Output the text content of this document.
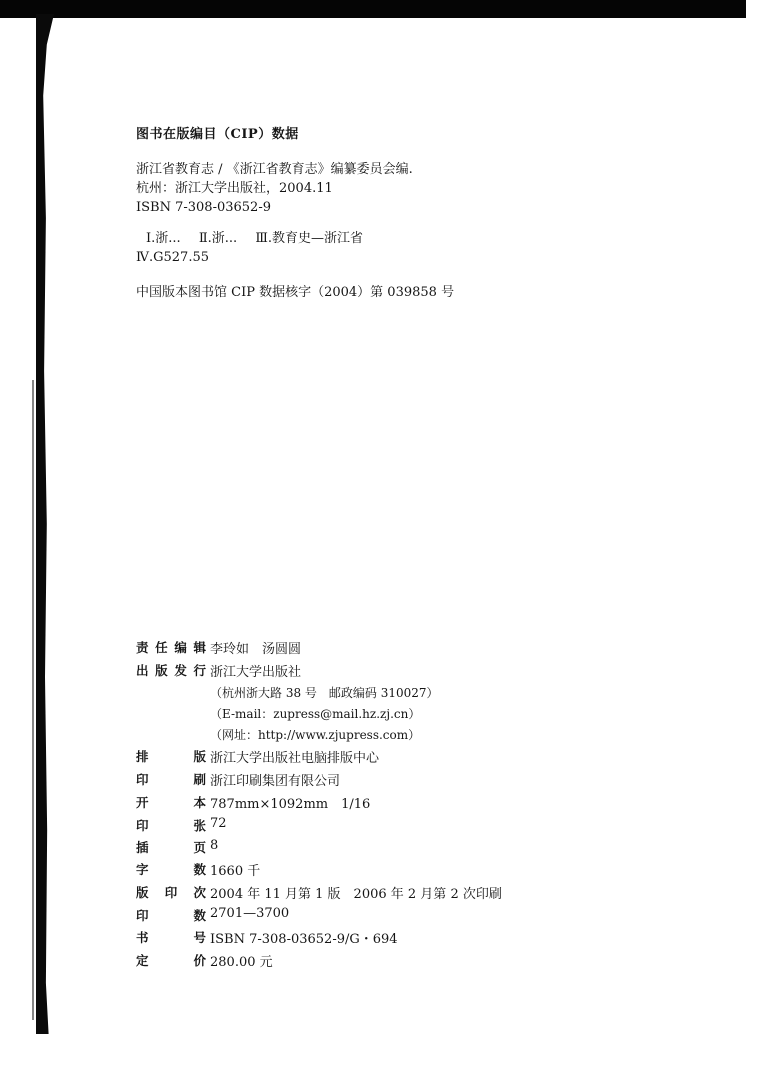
图书在版编目（CIP）数据
浙江省教育志 / 《浙江省教育志》编纂委员会编.
杭州：浙江大学出版社，2004.11
ISBN 7-308-03652-9
Ⅰ.浙... Ⅱ.浙... Ⅲ.教育史—浙江省
Ⅳ.G527.55
中国版本图书馆 CIP 数据核字（2004）第 039858 号
责 任 编 辑 李玲如　汤圆圆
出 版 发 行 浙江大学出版社
（杭州浙大路 38 号　邮政编码 310027）
（E-mail：zupress@mail.hz.zj.cn）
（网址：http://www.zjupress.com）
排	版 浙江大学出版社电脑排版中心
印	刷 浙江印刷集团有限公司
开	本 787mm×1092mm　1/16
印	张 72
插	页 8
字	数 1660 千
版 印 次 2004 年 11 月第 1 版　2006 年 2 月第 2 次印刷
印	数 2701—3700
书	号 ISBN 7-308-03652-9/G・694
定	价 280.00 元
